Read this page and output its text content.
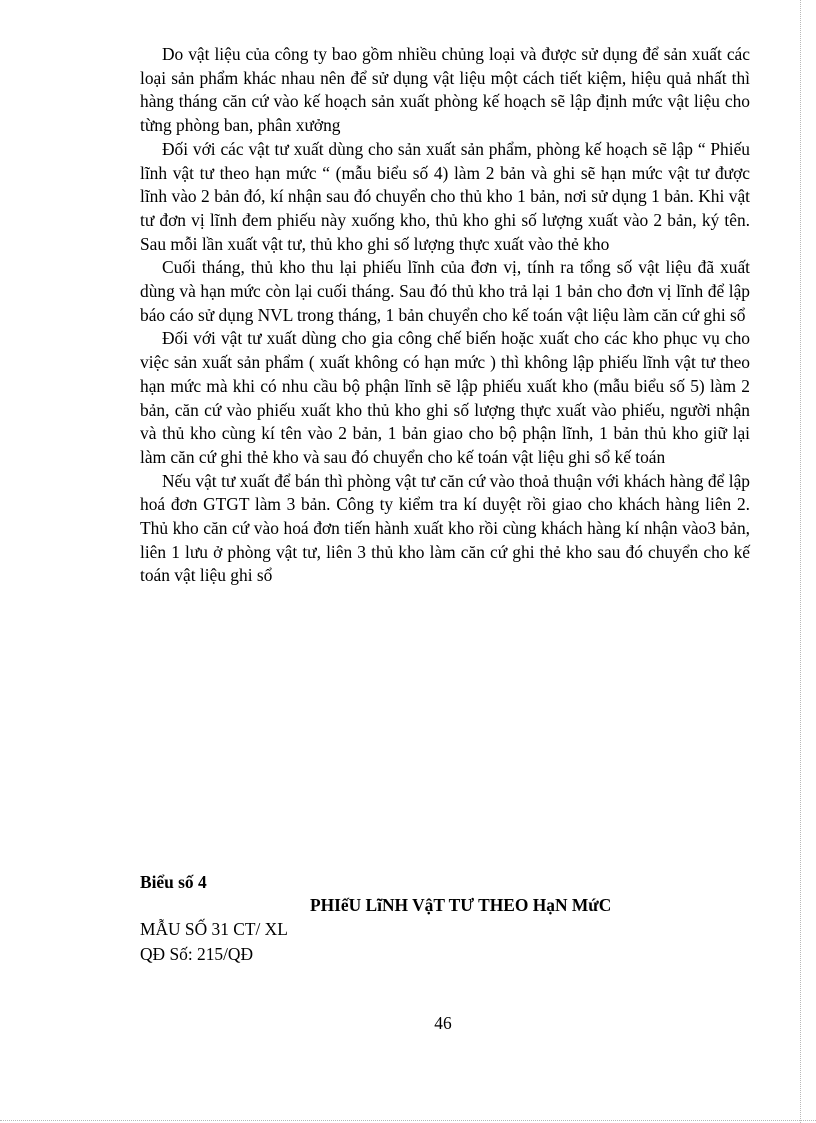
Do vật liệu của công ty bao gồm nhiều chủng loại và được sử dụng để sản xuất các loại sản phẩm khác nhau nên để sử dụng vật liệu một cách tiết kiệm, hiệu quả nhất thì hàng tháng căn cứ vào kế hoạch sản xuất phòng kế hoạch sẽ lập định mức vật liệu cho từng phòng ban, phân xưởng

Đối với các vật tư xuất dùng cho sản xuất sản phẩm, phòng kế hoạch sẽ lập “ Phiếu lĩnh vật tư theo hạn mức “ (mẫu biểu số 4) làm 2 bản và ghi sẽ hạn mức vật tư được lĩnh vào 2 bản đó, kí nhận sau đó chuyển cho thủ kho 1 bản, nơi sử dụng 1 bản. Khi vật tư đơn vị lĩnh đem phiếu này xuống kho, thủ kho ghi số lượng xuất vào 2 bản, ký tên. Sau mỗi lần xuất vật tư, thủ kho ghi số lượng thực xuất vào thẻ kho

Cuối tháng, thủ kho thu lại phiếu lĩnh của đơn vị, tính ra tổng số vật liệu đã xuất dùng và hạn mức còn lại cuối tháng. Sau đó thủ kho trả lại 1 bản cho đơn vị lĩnh để lập báo cáo sử dụng NVL trong tháng, 1 bản chuyển cho kế toán vật liệu làm căn cứ ghi sổ

Đối với vật tư xuất dùng cho gia công chế biến hoặc xuất cho các kho phục vụ cho việc sản xuất sản phẩm ( xuất không có hạn mức ) thì không lập phiếu lĩnh vật tư theo hạn mức mà khi có nhu cầu bộ phận lĩnh sẽ lập phiếu xuất kho (mẫu biểu số 5) làm 2 bản, căn cứ vào phiếu xuất kho thủ kho ghi số lượng thực xuất vào phiếu, người nhận và thủ kho cùng kí tên vào 2 bản, 1 bản giao cho bộ phận lĩnh, 1 bản thủ kho giữ lại làm căn cứ ghi thẻ kho và sau đó chuyển cho kế toán vật liệu ghi sổ kế toán

Nếu vật tư xuất để bán thì phòng vật tư căn cứ vào thoả thuận với khách hàng để lập hoá đơn GTGT làm 3 bản. Công ty kiểm tra kí duyệt rồi giao cho khách hàng liên 2. Thủ kho căn cứ vào hoá đơn tiến hành xuất kho rồi cùng khách hàng kí nhận vào3 bản, liên 1 lưu ở phòng vật tư, liên 3 thủ kho làm căn cứ ghi thẻ kho sau đó chuyển cho kế toán vật liệu ghi sổ

Biểu số 4
PHIếU LĩNH VậT TƯ THEO HạN MứC
MẪU SỐ 31 CT/ XL
QĐ Số: 215/QĐ
46
